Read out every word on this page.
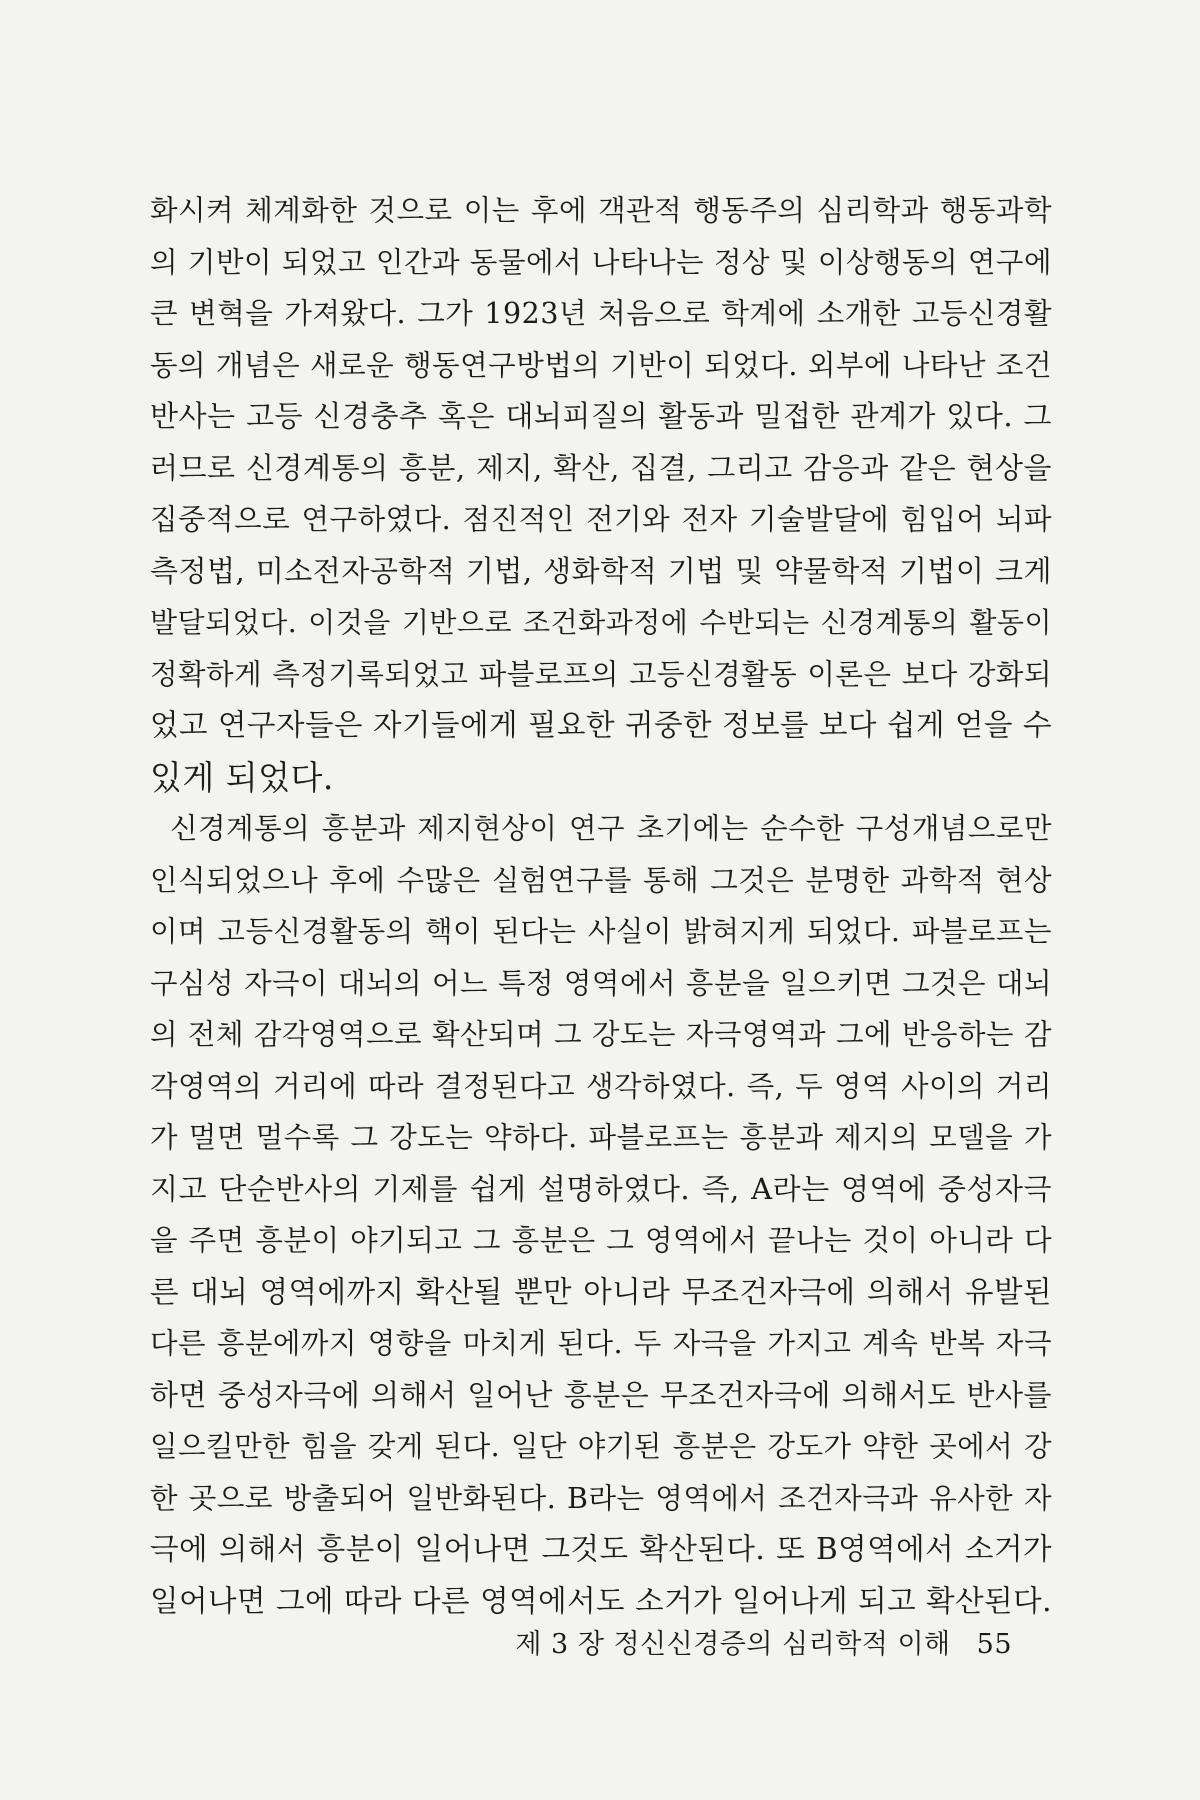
화시켜 체계화한 것으로 이는 후에 객관적 행동주의 심리학과 행동과학
의 기반이 되었고 인간과 동물에서 나타나는 정상 및 이상행동의 연구에
큰 변혁을 가져왔다. 그가 1923년 처음으로 학계에 소개한 고등신경활
동의 개념은 새로운 행동연구방법의 기반이 되었다. 외부에 나타난 조건
반사는 고등 신경충추 혹은 대뇌피질의 활동과 밀접한 관계가 있다. 그
러므로 신경계통의 흥분, 제지, 확산, 집결, 그리고 감응과 같은 현상을
집중적으로 연구하였다. 점진적인 전기와 전자 기술발달에 힘입어 뇌파
측정법, 미소전자공학적 기법, 생화학적 기법 및 약물학적 기법이 크게
발달되었다. 이것을 기반으로 조건화과정에 수반되는 신경계통의 활동이
정확하게 측정기록되었고 파블로프의 고등신경활동 이론은 보다 강화되
었고 연구자들은 자기들에게 필요한 귀중한 정보를 보다 쉽게 얻을 수
있게 되었다.
신경계통의 흥분과 제지현상이 연구 초기에는 순수한 구성개념으로만
인식되었으나 후에 수많은 실험연구를 통해 그것은 분명한 과학적 현상
이며 고등신경활동의 핵이 된다는 사실이 밝혀지게 되었다. 파블로프는
구심성 자극이 대뇌의 어느 특정 영역에서 흥분을 일으키면 그것은 대뇌
의 전체 감각영역으로 확산되며 그 강도는 자극영역과 그에 반응하는 감
각영역의 거리에 따라 결정된다고 생각하였다. 즉, 두 영역 사이의 거리
가 멀면 멀수록 그 강도는 약하다. 파블로프는 흥분과 제지의 모델을 가
지고 단순반사의 기제를 쉽게 설명하였다. 즉, A라는 영역에 중성자극
을 주면 흥분이 야기되고 그 흥분은 그 영역에서 끝나는 것이 아니라 다
른 대뇌 영역에까지 확산될 뿐만 아니라 무조건자극에 의해서 유발된
다른 흥분에까지 영향을 마치게 된다. 두 자극을 가지고 계속 반복 자극
하면 중성자극에 의해서 일어난 흥분은 무조건자극에 의해서도 반사를
일으킬만한 힘을 갖게 된다. 일단 야기된 흥분은 강도가 약한 곳에서 강
한 곳으로 방출되어 일반화된다. B라는 영역에서 조건자극과 유사한 자
극에 의해서 흥분이 일어나면 그것도 확산된다. 또 B영역에서 소거가
일어나면 그에 따라 다른 영역에서도 소거가 일어나게 되고 확산된다.
제 3 장 정신신경증의 심리학적 이해 55
